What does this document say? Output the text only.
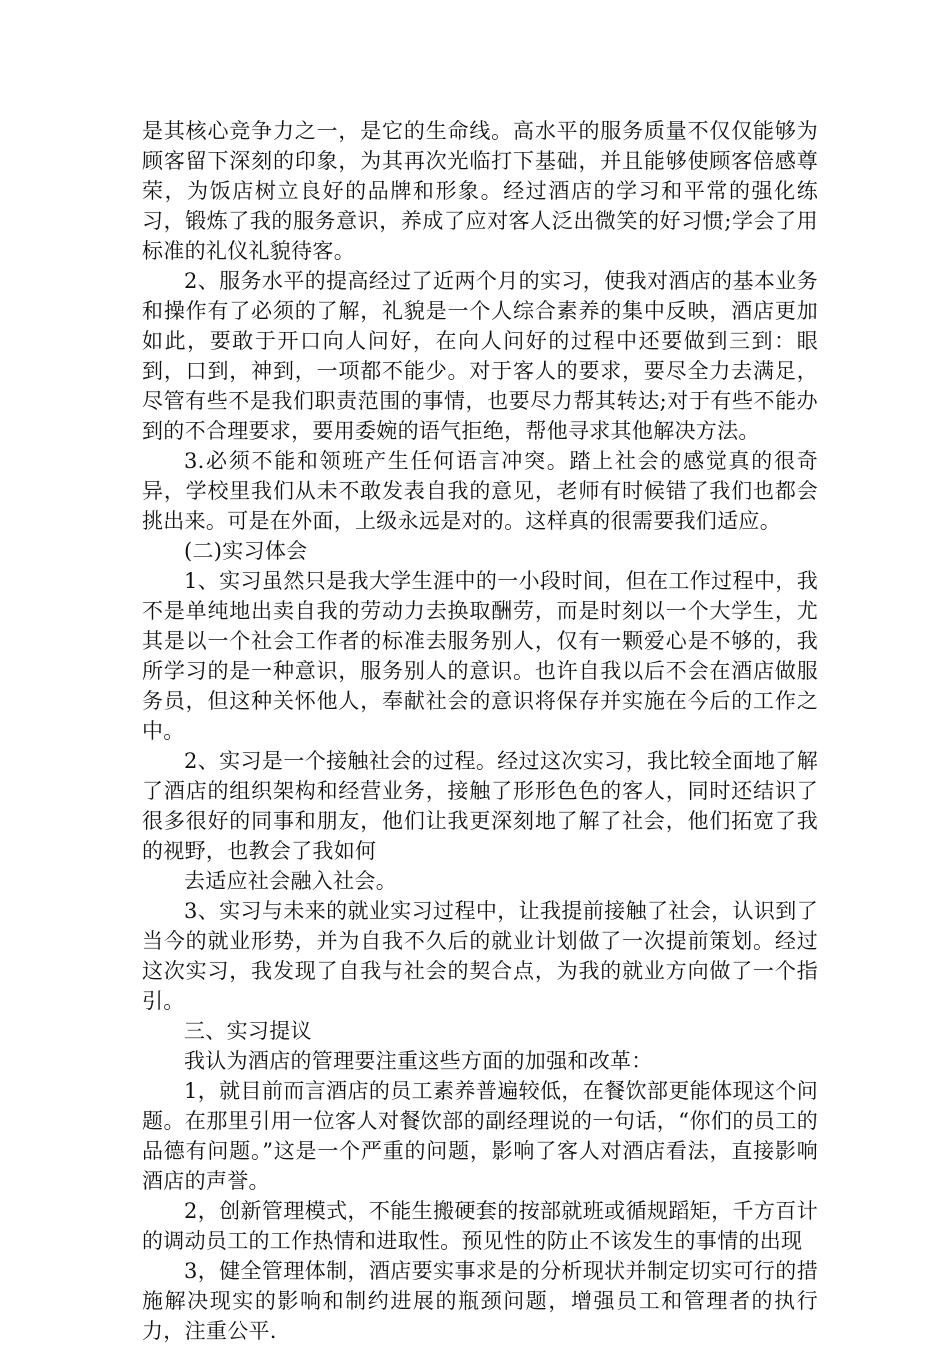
是其核心竞争力之一，是它的生命线。高水平的服务质量不仅仅能够为顾客留下深刻的印象，为其再次光临打下基础，并且能够使顾客倍感尊荣，为饭店树立良好的品牌和形象。经过酒店的学习和平常的强化练习，锻炼了我的服务意识，养成了应对客人泛出微笑的好习惯;学会了用标准的礼仪礼貌待客。

2、服务水平的提高经过了近两个月的实习，使我对酒店的基本业务和操作有了必须的了解，礼貌是一个人综合素养的集中反映，酒店更加如此，要敢于开口向人问好，在向人问好的过程中还要做到三到：眼到，口到，神到，一项都不能少。对于客人的要求，要尽全力去满足，尽管有些不是我们职责范围的事情，也要尽力帮其转达;对于有些不能办到的不合理要求，要用委婉的语气拒绝，帮他寻求其他解决方法。

3.必须不能和领班产生任何语言冲突。踏上社会的感觉真的很奇异，学校里我们从未不敢发表自我的意见，老师有时候错了我们也都会挑出来。可是在外面，上级永远是对的。这样真的很需要我们适应。

(二)实习体会

1、实习虽然只是我大学生涯中的一小段时间，但在工作过程中，我不是单纯地出卖自我的劳动力去换取酬劳，而是时刻以一个大学生，尤其是以一个社会工作者的标准去服务别人，仅有一颗爱心是不够的，我所学习的是一种意识，服务别人的意识。也许自我以后不会在酒店做服务员，但这种关怀他人，奉献社会的意识将保存并实施在今后的工作之中。

2、实习是一个接触社会的过程。经过这次实习，我比较全面地了解了酒店的组织架构和经营业务，接触了形形色色的客人，同时还结识了很多很好的同事和朋友，他们让我更深刻地了解了社会，他们拓宽了我的视野，也教会了我如何

去适应社会融入社会。

3、实习与未来的就业实习过程中，让我提前接触了社会，认识到了当今的就业形势，并为自我不久后的就业计划做了一次提前策划。经过这次实习，我发现了自我与社会的契合点，为我的就业方向做了一个指引。

三、实习提议

我认为酒店的管理要注重这些方面的加强和改革：

1，就目前而言酒店的员工素养普遍较低，在餐饮部更能体现这个问题。在那里引用一位客人对餐饮部的副经理说的一句话，“你们的员工的品德有问题。”这是一个严重的问题，影响了客人对酒店看法，直接影响酒店的声誉。

2，创新管理模式，不能生搬硬套的按部就班或循规蹈矩，千方百计的调动员工的工作热情和进取性。预见性的防止不该发生的事情的出现

3，健全管理体制，酒店要实事求是的分析现状并制定切实可行的措施解决现实的影响和制约进展的瓶颈问题，增强员工和管理者的执行力，注重公平.
